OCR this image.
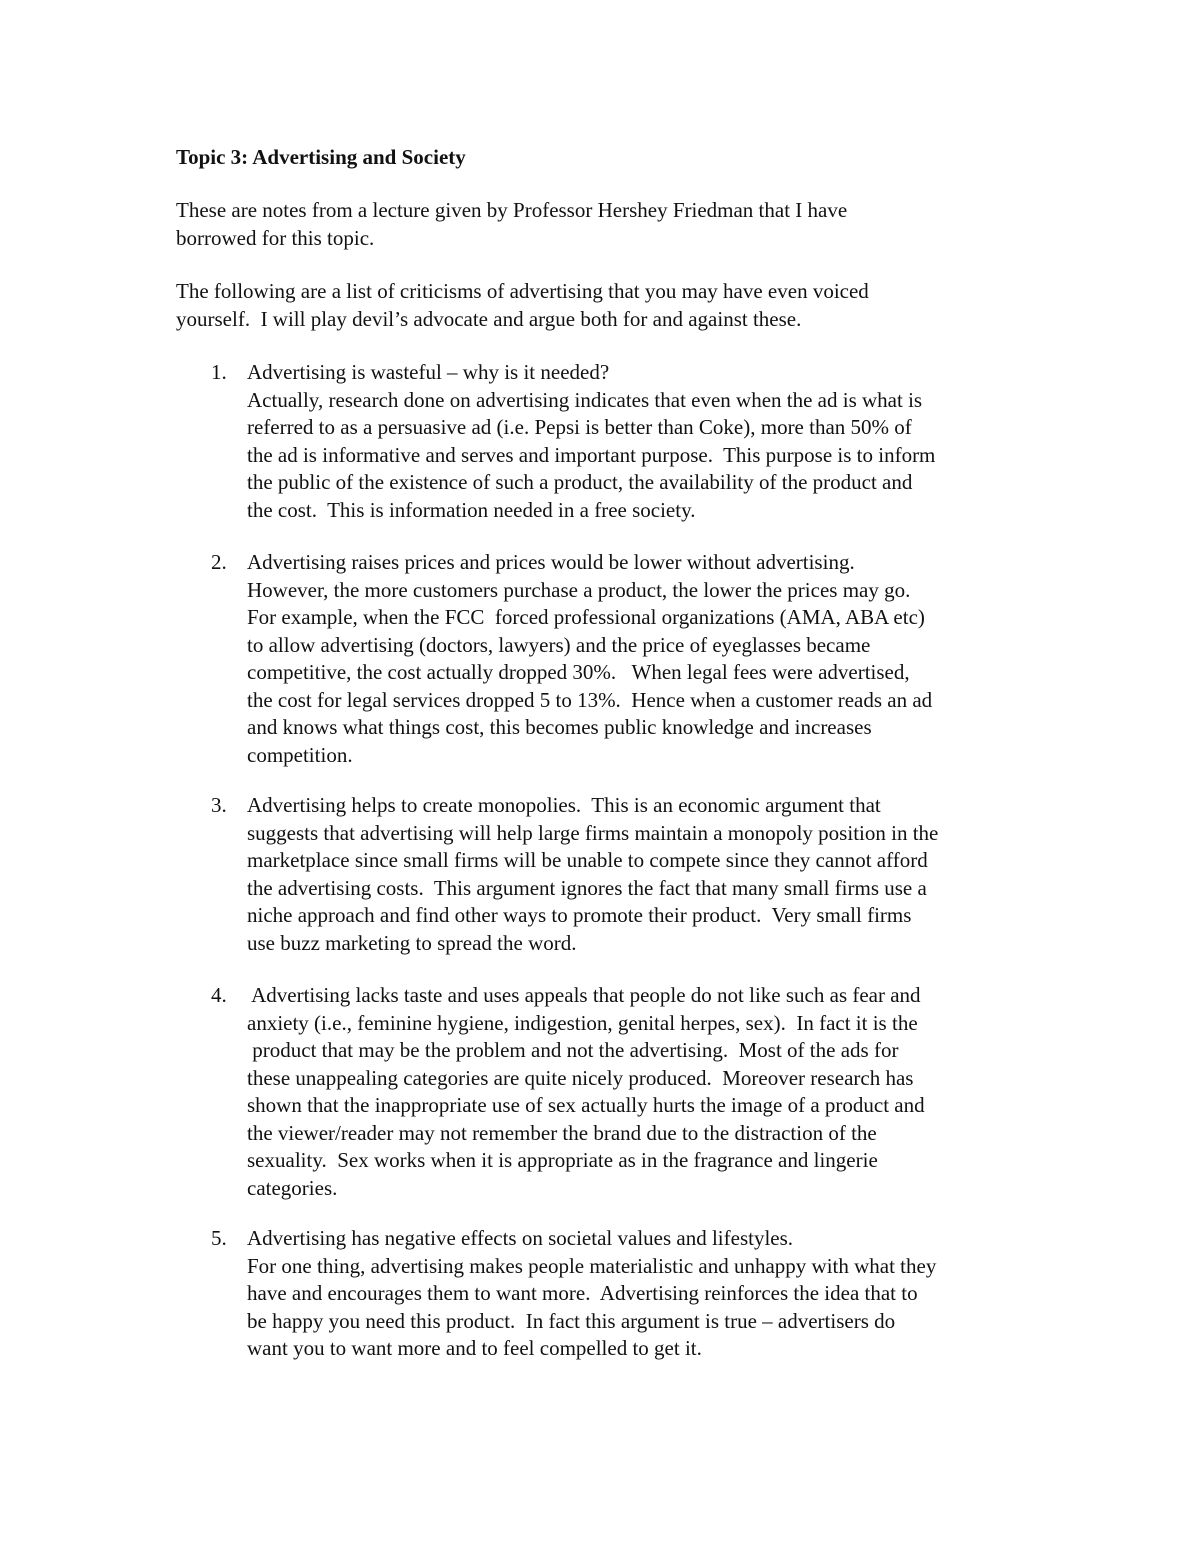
Topic 3: Advertising and Society

These are notes from a lecture given by Professor Hershey Friedman that I have
borrowed for this topic.

The following are a list of criticisms of advertising that you may have even voiced
yourself.  I will play devil’s advocate and argue both for and against these.

1. Advertising is wasteful – why is it needed?
Actually, research done on advertising indicates that even when the ad is what is
referred to as a persuasive ad (i.e. Pepsi is better than Coke), more than 50% of
the ad is informative and serves and important purpose.  This purpose is to inform
the public of the existence of such a product, the availability of the product and
the cost.  This is information needed in a free society.
2. Advertising raises prices and prices would be lower without advertising.
However, the more customers purchase a product, the lower the prices may go.
For example, when the FCC  forced professional organizations (AMA, ABA etc)
to allow advertising (doctors, lawyers) and the price of eyeglasses became
competitive, the cost actually dropped 30%.   When legal fees were advertised,
the cost for legal services dropped 5 to 13%.  Hence when a customer reads an ad
and knows what things cost, this becomes public knowledge and increases
competition.
3. Advertising helps to create monopolies.  This is an economic argument that
suggests that advertising will help large firms maintain a monopoly position in the
marketplace since small firms will be unable to compete since they cannot afford
the advertising costs.  This argument ignores the fact that many small firms use a
niche approach and find other ways to promote their product.  Very small firms
use buzz marketing to spread the word.
4. Advertising lacks taste and uses appeals that people do not like such as fear and
anxiety (i.e., feminine hygiene, indigestion, genital herpes, sex).  In fact it is the
product that may be the problem and not the advertising.  Most of the ads for
these unappealing categories are quite nicely produced.  Moreover research has
shown that the inappropriate use of sex actually hurts the image of a product and
the viewer/reader may not remember the brand due to the distraction of the
sexuality.  Sex works when it is appropriate as in the fragrance and lingerie
categories.
5. Advertising has negative effects on societal values and lifestyles.
For one thing, advertising makes people materialistic and unhappy with what they
have and encourages them to want more.  Advertising reinforces the idea that to
be happy you need this product.  In fact this argument is true – advertisers do
want you to want more and to feel compelled to get it.
